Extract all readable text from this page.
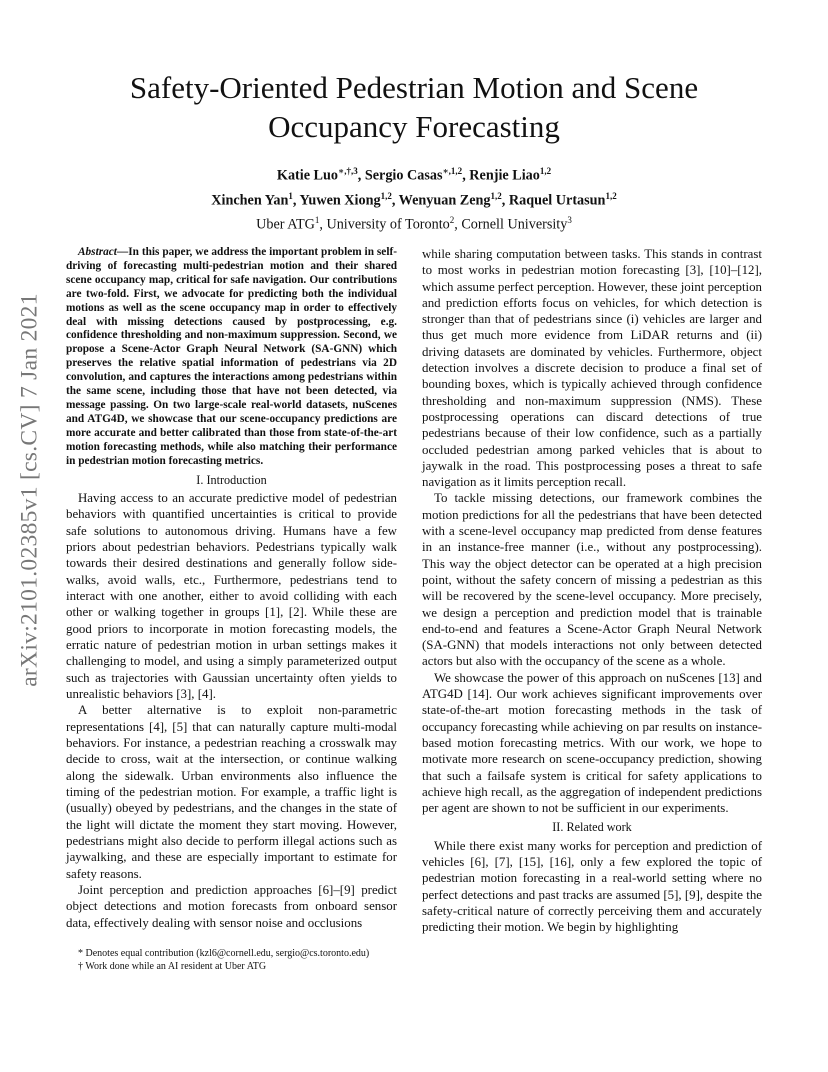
arXiv:2101.02385v1 [cs.CV] 7 Jan 2021
Safety-Oriented Pedestrian Motion and Scene
Occupancy Forecasting
Katie Luo$^{∗,\dagger,3}$, Sergio Casas$^{∗,1,2}$, Renjie Liao$^{1,2}$
Xinchen Yan$^1$, Yuwen Xiong$^{1,2}$, Wenyuan Zeng$^{1,2}$, Raquel Urtasun$^{1,2}$
Uber ATG$^1$, University of Toronto$^2$, Cornell University$^3$

Abstract—In this paper, we address the important problem in self-driving of forecasting multi-pedestrian motion and their shared scene occupancy map, critical for safe navigation. Our contributions are two-fold. First, we advocate for predicting both the individual motions as well as the scene occupancy map in order to effectively deal with missing detections caused by postprocessing, e.g. confidence thresholding and non-maximum suppression. Second, we propose a Scene-Actor Graph Neural Network (SA-GNN) which preserves the relative spatial information of pedestrians via 2D convolution, and captures the interactions among pedestrians within the same scene, including those that have not been detected, via message passing. On two large-scale real-world datasets, nuScenes and ATG4D, we showcase that our scene-occupancy predictions are more accurate and better calibrated than those from state-of-the-art motion forecasting methods, while also matching their performance in pedestrian motion forecasting metrics.

I. Introduction

Having access to an accurate predictive model of pedestrian behaviors with quantified uncertainties is critical to provide safe solutions to autonomous driving. Humans have a few priors about pedestrian behaviors. Pedestrians typically walk towards their desired destinations and generally follow side-walks, avoid walls, etc., Furthermore, pedestrians tend to interact with one another, either to avoid colliding with each other or walking together in groups [1], [2]. While these are good priors to incorporate in motion forecasting models, the erratic nature of pedestrian motion in urban settings makes it challenging to model, and using a simply parameterized output such as trajectories with Gaussian uncertainty often yields to unrealistic behaviors [3], [4].

A better alternative is to exploit non-parametric representations [4], [5] that can naturally capture multi-modal behaviors. For instance, a pedestrian reaching a crosswalk may decide to cross, wait at the intersection, or continue walking along the sidewalk. Urban environments also influence the timing of the pedestrian motion. For example, a traffic light is (usually) obeyed by pedestrians, and the changes in the state of the light will dictate the moment they start moving. However, pedestrians might also decide to perform illegal actions such as jaywalking, and these are especially important to estimate for safety reasons.

Joint perception and prediction approaches [6]–[9] predict object detections and motion forecasts from onboard sensor data, effectively dealing with sensor noise and occlusions

* Denotes equal contribution (kzl6@cornell.edu, sergio@cs.toronto.edu)
† Work done while an AI resident at Uber ATG

while sharing computation between tasks. This stands in contrast to most works in pedestrian motion forecasting [3], [10]–[12], which assume perfect perception. However, these joint perception and prediction efforts focus on vehicles, for which detection is stronger than that of pedestrians since (i) vehicles are larger and thus get much more evidence from LiDAR returns and (ii) driving datasets are dominated by vehicles. Furthermore, object detection involves a discrete decision to produce a final set of bounding boxes, which is typically achieved through confidence thresholding and non-maximum suppression (NMS). These postprocessing operations can discard detections of true pedestrians because of their low confidence, such as a partially occluded pedestrian among parked vehicles that is about to jaywalk in the road. This postprocessing poses a threat to safe navigation as it limits perception recall.

To tackle missing detections, our framework combines the motion predictions for all the pedestrians that have been detected with a scene-level occupancy map predicted from dense features in an instance-free manner (i.e., without any postprocessing). This way the object detector can be operated at a high precision point, without the safety concern of missing a pedestrian as this will be recovered by the scene-level occupancy. More precisely, we design a perception and prediction model that is trainable end-to-end and features a Scene-Actor Graph Neural Network (SA-GNN) that models interactions not only between detected actors but also with the occupancy of the scene as a whole.

We showcase the power of this approach on nuScenes [13] and ATG4D [14]. Our work achieves significant improvements over state-of-the-art motion forecasting methods in the task of occupancy forecasting while achieving on par results on instance-based motion forecasting metrics. With our work, we hope to motivate more research on scene-occupancy prediction, showing that such a failsafe system is critical for safety applications to achieve high recall, as the aggregation of independent predictions per agent are shown to not be sufficient in our experiments.

II. Related work

While there exist many works for perception and prediction of vehicles [6], [7], [15], [16], only a few explored the topic of pedestrian motion forecasting in a real-world setting where no perfect detections and past tracks are assumed [5], [9], despite the safety-critical nature of correctly perceiving them and accurately predicting their motion. We begin by highlighting
